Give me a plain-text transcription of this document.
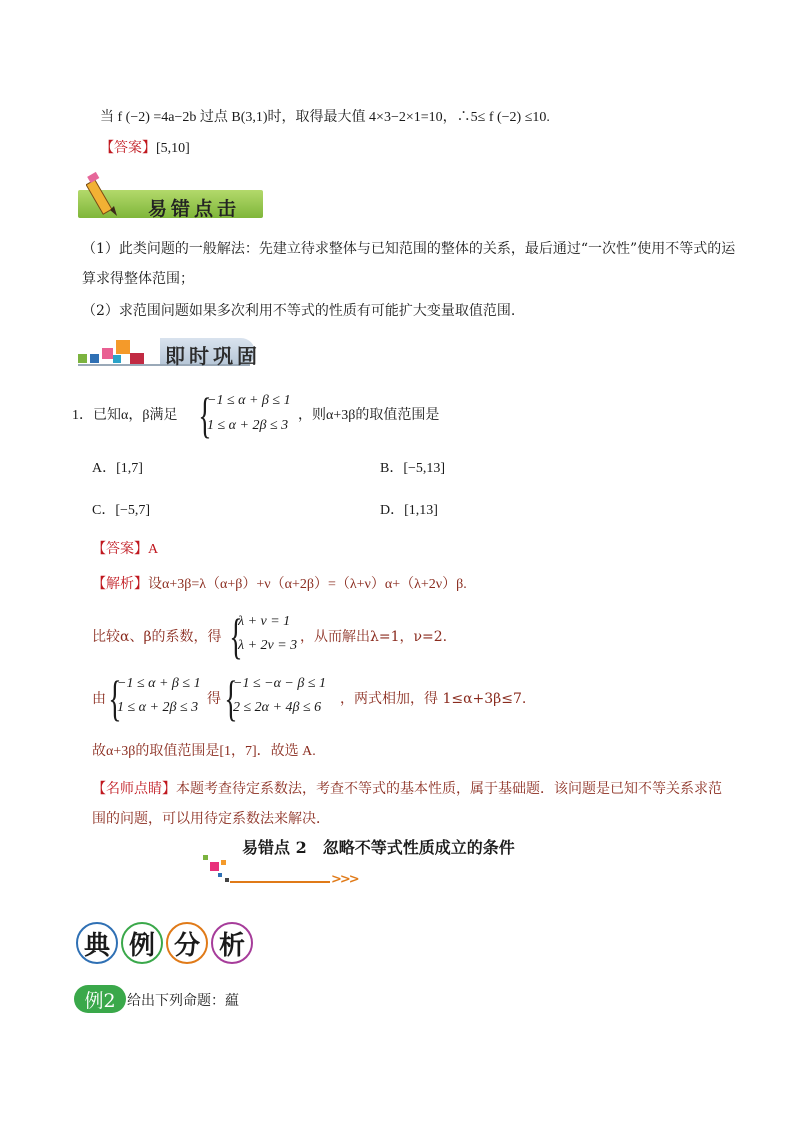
当 f (−2) =4a−2b 过点 B(3,1)时，取得最大值 4×3−2×1=10，∴5≤ f (−2) ≤10.
【答案】[5,10]
易错点击
（1）此类问题的一般解法：先建立待求整体与已知范围的整体的关系，最后通过“一次性”使用不等式的运
算求得整体范围；
（2）求范围问题如果多次利用不等式的性质有可能扩大变量取值范围.
即时巩固
1．已知α，β满足 {
−1 ≤ α + β ≤ 1
1 ≤ α + 2β ≤ 3
，则α+3β的取值范围是
A．[1,7]	B．[−5,13]
C．[−5,7]	D．[1,13]
【答案】A
【解析】设α+3β=λ（α+β）+ν（α+2β）=（λ+ν）α+（λ+2ν）β.
比较α、β的系数，得 {
λ + ν = 1
λ + 2ν = 3
，从而解出λ=1，ν=2.
由 {
−1 ≤ α + β ≤ 1
1 ≤ α + 2β ≤ 3
得 {
−1 ≤ −α − β ≤ 1
2 ≤ 2α + 4β ≤ 6
，两式相加，得 1≤α+3β≤7.
故α+3β的取值范围是[1，7]．故选 A.
【名师点睛】本题考查待定系数法，考查不等式的基本性质，属于基础题．该问题是已知不等关系求范
围的问题，可以用待定系数法来解决．
易错点 2　忽略不等式性质成立的条件
>>>
典 例 分 析
例2 给出下列命题：藴
